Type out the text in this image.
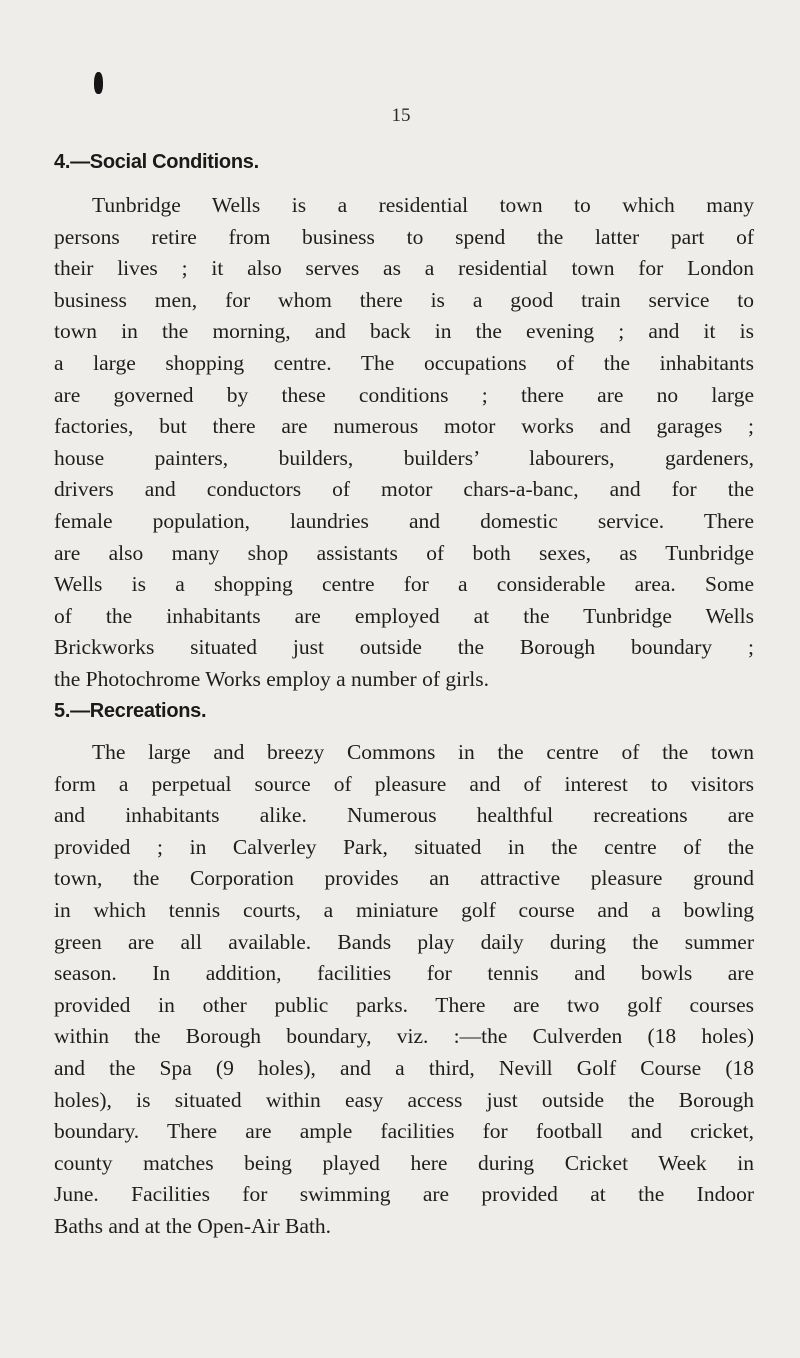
15
4.—Social Conditions.
Tunbridge Wells is a residential town to which many
persons retire from business to spend the latter part of
their lives ; it also serves as a residential town for London
business men, for whom there is a good train service to
town in the morning, and back in the evening ; and it is
a large shopping centre. The occupations of the inhabitants
are governed by these conditions ; there are no large
factories, but there are numerous motor works and garages ;
house painters, builders, builders’ labourers, gardeners,
drivers and conductors of motor chars-a-banc, and for the
female population, laundries and domestic service. There
are also many shop assistants of both sexes, as Tunbridge
Wells is a shopping centre for a considerable area. Some
of the inhabitants are employed at the Tunbridge Wells
Brickworks situated just outside the Borough boundary ;
the Photochrome Works employ a number of girls.
5.—Recreations.
The large and breezy Commons in the centre of the town
form a perpetual source of pleasure and of interest to visitors
and inhabitants alike. Numerous healthful recreations are
provided ; in Calverley Park, situated in the centre of the
town, the Corporation provides an attractive pleasure ground
in which tennis courts, a miniature golf course and a bowling
green are all available. Bands play daily during the summer
season. In addition, facilities for tennis and bowls are
provided in other public parks. There are two golf courses
within the Borough boundary, viz. :—the Culverden (18 holes)
and the Spa (9 holes), and a third, Nevill Golf Course (18
holes), is situated within easy access just outside the Borough
boundary. There are ample facilities for football and cricket,
county matches being played here during Cricket Week in
June. Facilities for swimming are provided at the Indoor
Baths and at the Open-Air Bath.
